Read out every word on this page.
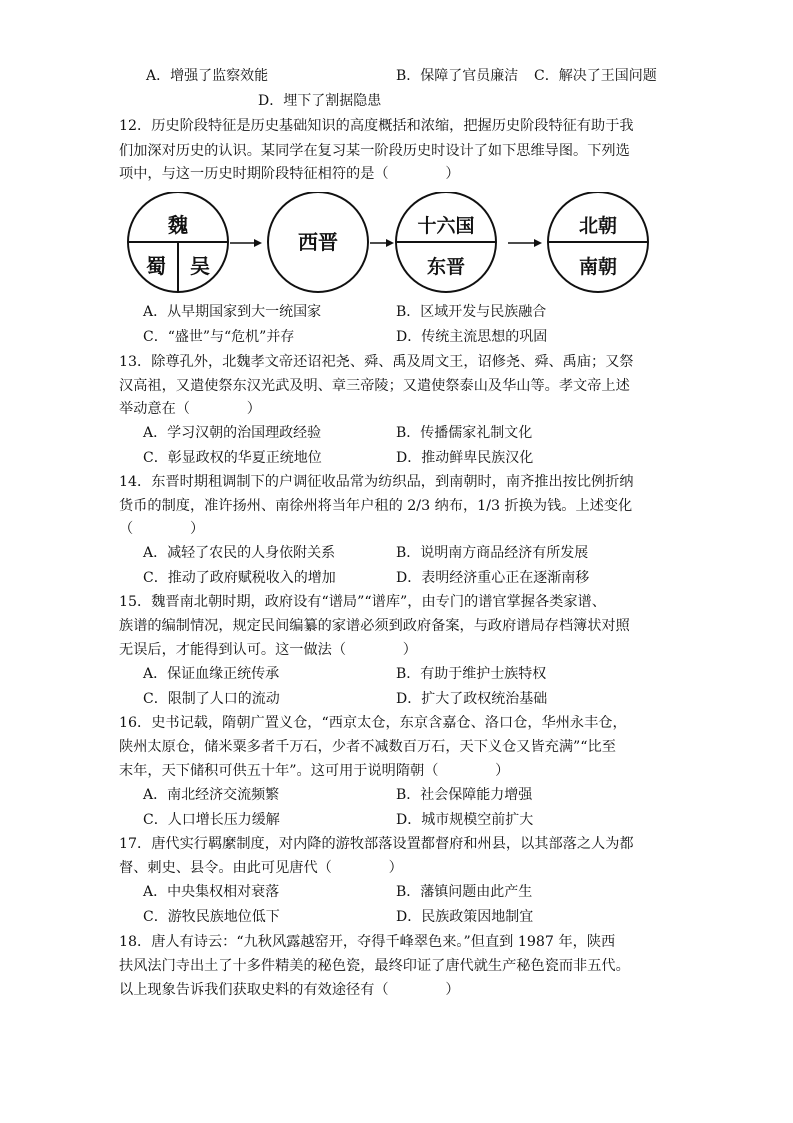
A．增强了监察效能	B．保障了官员廉洁 C．解决了王国问题
D．埋下了割据隐患
12．历史阶段特征是历史基础知识的高度概括和浓缩，把握历史阶段特征有助于我
们加深对历史的认识。某同学在复习某一阶段历史时设计了如下思维导图。下列选
项中，与这一历史时期阶段特征相符的是（　　　　）
魏
蜀 吴
西晋
十六国
东晋
北朝
南朝
A．从早期国家到大一统国家	B．区域开发与民族融合
C．“盛世”与“危机”并存	D．传统主流思想的巩固
13．除尊孔外，北魏孝文帝还诏祀尧、舜、禹及周文王，诏修尧、舜、禹庙；又祭
汉高祖，又遣使祭东汉光武及明、章三帝陵；又遣使祭泰山及华山等。孝文帝上述
举动意在（　　　　）
A．学习汉朝的治国理政经验	B．传播儒家礼制文化
C．彰显政权的华夏正统地位	D．推动鲜卑民族汉化
14．东晋时期租调制下的户调征收品常为纺织品，到南朝时，南齐推出按比例折纳
货币的制度，准许扬州、南徐州将当年户租的 2/3 纳布，1/3 折换为钱。上述变化
（　　　　）
A．减轻了农民的人身依附关系	B．说明南方商品经济有所发展
C．推动了政府赋税收入的增加	D．表明经济重心正在逐渐南移
15．魏晋南北朝时期，政府设有“谱局”“谱库”，由专门的谱官掌握各类家谱、
族谱的编制情况，规定民间编纂的家谱必须到政府备案，与政府谱局存档簿状对照
无误后，才能得到认可。这一做法（　　　　）
A．保证血缘正统传承	B．有助于维护士族特权
C．限制了人口的流动	D．扩大了政权统治基础
16．史书记载，隋朝广置义仓，“西京太仓，东京含嘉仓、洛口仓，华州永丰仓，
陕州太原仓，储米粟多者千万石，少者不减数百万石，天下义仓又皆充满”“比至
末年，天下储积可供五十年”。这可用于说明隋朝（　　　　）
A．南北经济交流频繁	B．社会保障能力增强
C．人口增长压力缓解	D．城市规模空前扩大
17．唐代实行羁縻制度，对内降的游牧部落设置都督府和州县，以其部落之人为都
督、刺史、县令。由此可见唐代（　　　　）
A．中央集权相对衰落	B．藩镇问题由此产生
C．游牧民族地位低下	D．民族政策因地制宜
18．唐人有诗云：“九秋风露越窑开，夺得千峰翠色来。”但直到 1987 年，陕西
扶风法门寺出土了十多件精美的秘色瓷，最终印证了唐代就生产秘色瓷而非五代。
以上现象告诉我们获取史料的有效途径有（　　　　）
